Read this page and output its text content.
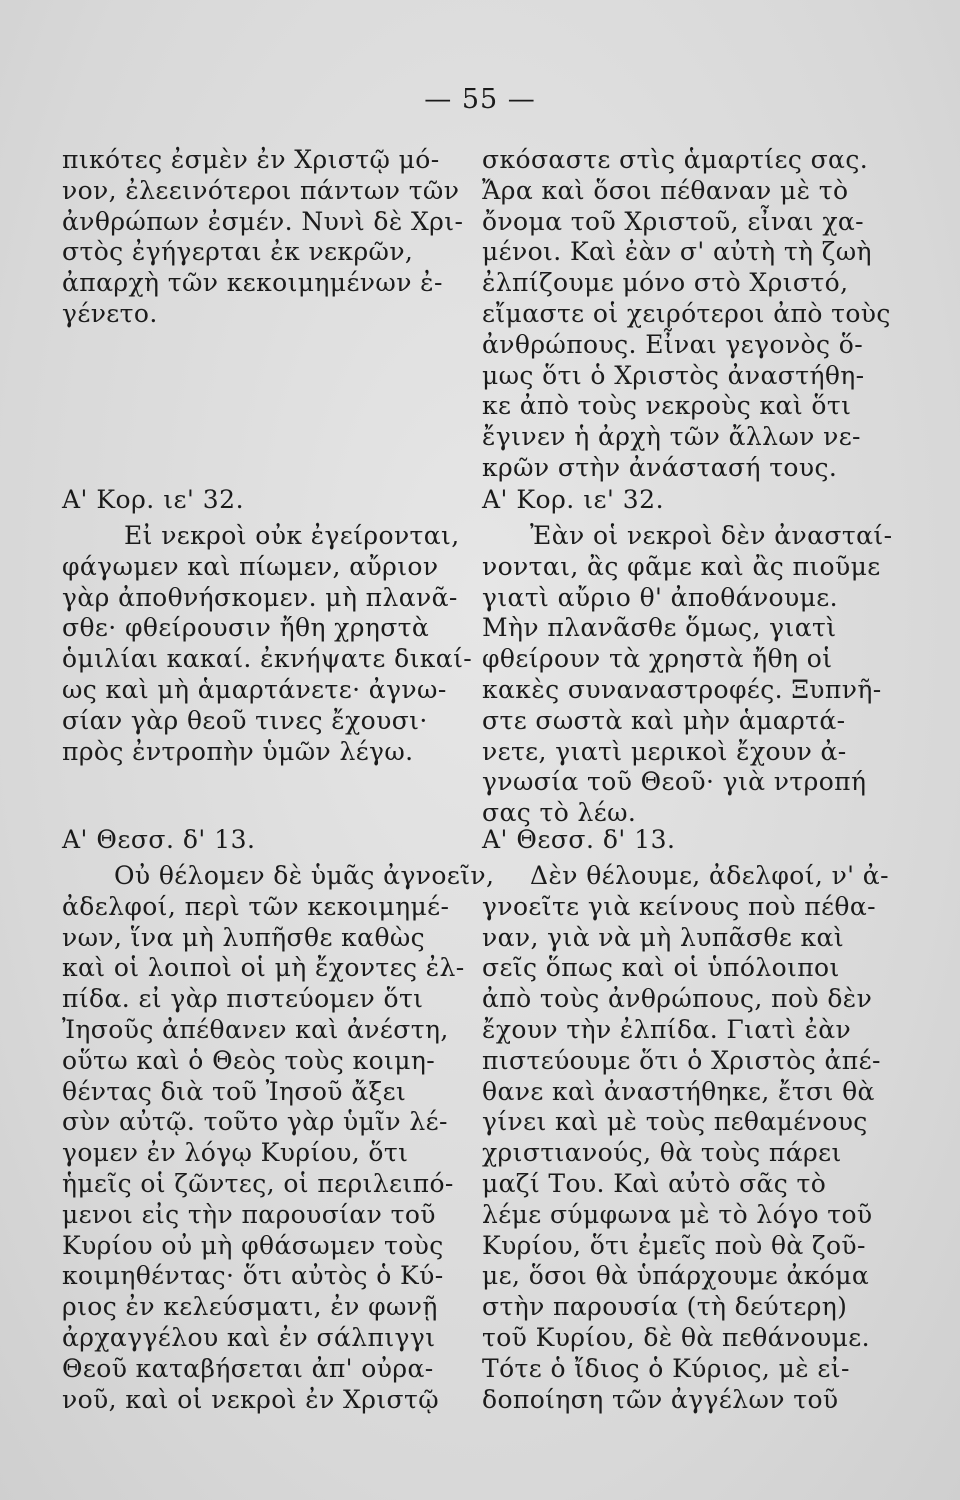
— 55 —
πικότες ἐσμὲν ἐν Χριστῷ μό-
νον, ἐλεεινότεροι πάντων τῶν
ἀνθρώπων ἐσμέν. Νυνὶ δὲ Χρι-
στὸς ἐγήγερται ἐκ νεκρῶν,
ἀπαρχὴ τῶν κεκοιμημένων ἐ-
γένετο.
Α' Κορ. ιε' 32.
Εἰ νεκροὶ οὐκ ἐγείρονται,
φάγωμεν καὶ πίωμεν, αὔριον
γὰρ ἀποθνήσκομεν. μὴ πλανᾶ-
σθε· φθείρουσιν ἤθη χρηστὰ
ὁμιλίαι κακαί. ἐκνήψατε δικαί-
ως καὶ μὴ ἁμαρτάνετε· ἀγνω-
σίαν γὰρ θεοῦ τινες ἔχουσι·
πρὸς ἐντροπὴν ὑμῶν λέγω.
Α' Θεσσ. δ' 13.
Οὐ θέλομεν δὲ ὑμᾶς ἀγνοεῖν,
ἀδελφοί, περὶ τῶν κεκοιμημέ-
νων, ἵνα μὴ λυπῆσθε καθὼς
καὶ οἱ λοιποὶ οἱ μὴ ἔχοντες ἐλ-
πίδα. εἰ γὰρ πιστεύομεν ὅτι
Ἰησοῦς ἀπέθανεν καὶ ἀνέστη,
οὕτω καὶ ὁ Θεὸς τοὺς κοιμη-
θέντας διὰ τοῦ Ἰησοῦ ἄξει
σὺν αὐτῷ. τοῦτο γὰρ ὑμῖν λέ-
γομεν ἐν λόγῳ Κυρίου, ὅτι
ἡμεῖς οἱ ζῶντες, οἱ περιλειπό-
μενοι εἰς τὴν παρουσίαν τοῦ
Κυρίου οὐ μὴ φθάσωμεν τοὺς
κοιμηθέντας· ὅτι αὐτὸς ὁ Κύ-
ριος ἐν κελεύσματι, ἐν φωνῇ
ἀρχαγγέλου καὶ ἐν σάλπιγγι
Θεοῦ καταβήσεται ἀπ' οὐρα-
νοῦ, καὶ οἱ νεκροὶ ἐν Χριστῷ
σκόσαστε στὶς ἁμαρτίες σας.
Ἄρα καὶ ὅσοι πέθαναν μὲ τὸ
ὄνομα τοῦ Χριστοῦ, εἶναι χα-
μένοι. Καὶ ἐὰν σ' αὐτὴ τὴ ζωὴ
ἐλπίζουμε μόνο στὸ Χριστό,
εἴμαστε οἱ χειρότεροι ἀπὸ τοὺς
ἀνθρώπους. Εἶναι γεγονὸς ὅ-
μως ὅτι ὁ Χριστὸς ἀναστήθη-
κε ἀπὸ τοὺς νεκροὺς καὶ ὅτι
ἔγινεν ἡ ἀρχὴ τῶν ἄλλων νε-
κρῶν στὴν ἀνάστασή τους.
Α' Κορ. ιε' 32.
Ἐὰν οἱ νεκροὶ δὲν ἀνασταί-
νονται, ἂς φᾶμε καὶ ἂς πιοῦμε
γιατὶ αὔριο θ' ἀποθάνουμε.
Μὴν πλανᾶσθε ὅμως, γιατὶ
φθείρουν τὰ χρηστὰ ἤθη οἱ
κακὲς συναναστροφές. Ξυπνῆ-
στε σωστὰ καὶ μὴν ἁμαρτά-
νετε, γιατὶ μερικοὶ ἔχουν ἀ-
γνωσία τοῦ Θεοῦ· γιὰ ντροπή
σας τὸ λέω.
Α' Θεσσ. δ' 13.
Δὲν θέλουμε, ἀδελφοί, ν' ἀ-
γνοεῖτε γιὰ κείνους ποὺ πέθα-
ναν, γιὰ νὰ μὴ λυπᾶσθε καὶ
σεῖς ὅπως καὶ οἱ ὑπόλοιποι
ἀπὸ τοὺς ἀνθρώπους, ποὺ δὲν
ἔχουν τὴν ἐλπίδα. Γιατὶ ἐὰν
πιστεύουμε ὅτι ὁ Χριστὸς ἀπέ-
θανε καὶ ἀναστήθηκε, ἔτσι θὰ
γίνει καὶ μὲ τοὺς πεθαμένους
χριστιανούς, θὰ τοὺς πάρει
μαζί Του. Καὶ αὐτὸ σᾶς τὸ
λέμε σύμφωνα μὲ τὸ λόγο τοῦ
Κυρίου, ὅτι ἐμεῖς ποὺ θὰ ζοῦ-
με, ὅσοι θὰ ὑπάρχουμε ἀκόμα
στὴν παρουσία (τὴ δεύτερη)
τοῦ Κυρίου, δὲ θὰ πεθάνουμε.
Τότε ὁ ἴδιος ὁ Κύριος, μὲ εἰ-
δοποίηση τῶν ἀγγέλων τοῦ
